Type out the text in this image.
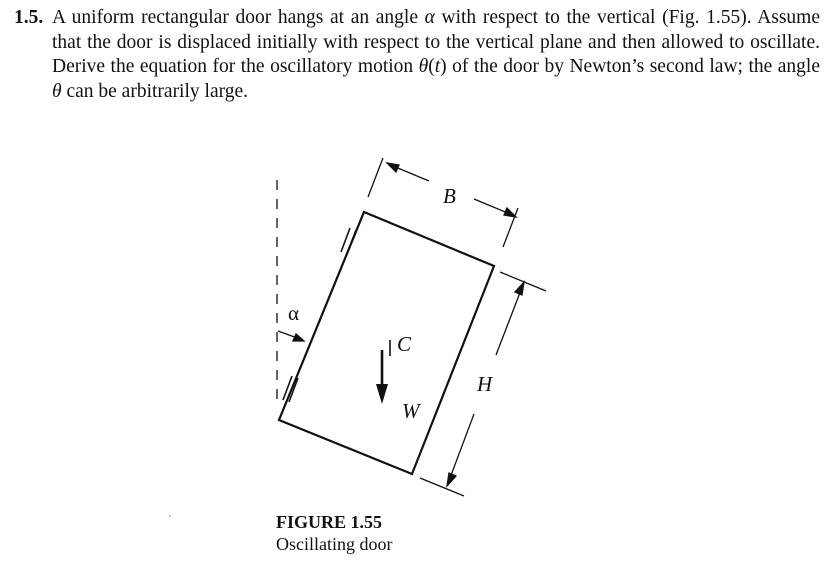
1.5. A uniform rectangular door hangs at an angle α with respect to the vertical (Fig. 1.55). Assume that the door is displaced initially with respect to the vertical plane and then allowed to oscillate. Derive the equation for the oscillatory motion θ(t) of the door by Newton’s second law; the angle θ can be arbitrarily large.
α
B
H
C
W
FIGURE 1.55
Oscillating door
